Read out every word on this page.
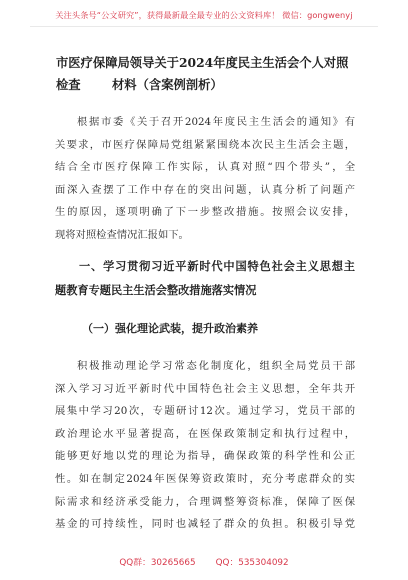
关注头条号“公文研究”，获得最新最全最专业的公文资料库！ 微信：gongwenyj
市医疗保障局领导关于2024年度民主生活会个人对照检查	材料（含案例剖析）
根据市委《关于召开2024年度民主生活会的通知》有
关要求，市医疗保障局党组紧紧围绕本次民主生活会主题，
结合全市医疗保障工作实际，认真对照“四个带头”，全
面深入查摆了工作中存在的突出问题，认真分析了问题产
生的原因，逐项明确了下一步整改措施。按照会议安排，
现将对照检查情况汇报如下。
一、学习贯彻习近平新时代中国特色社会主义思想主
题教育专题民主生活会整改措施落实情况
（一）强化理论武装，提升政治素养
积极推动理论学习常态化制度化，组织全局党员干部
深入学习习近平新时代中国特色社会主义思想，全年共开
展集中学习20次，专题研讨12次。通过学习，党员干部的
政治理论水平显著提高，在医保政策制定和执行过程中，
能够更好地以党的理论为指导，确保政策的科学性和公正
性。如在制定2024年医保筹资政策时，充分考虑群众的实
际需求和经济承受能力，合理调整筹资标准，保障了医保
基金的可持续性，同时也减轻了群众的负担。积极引导党
QQ群：30265665 QQ：535304092
